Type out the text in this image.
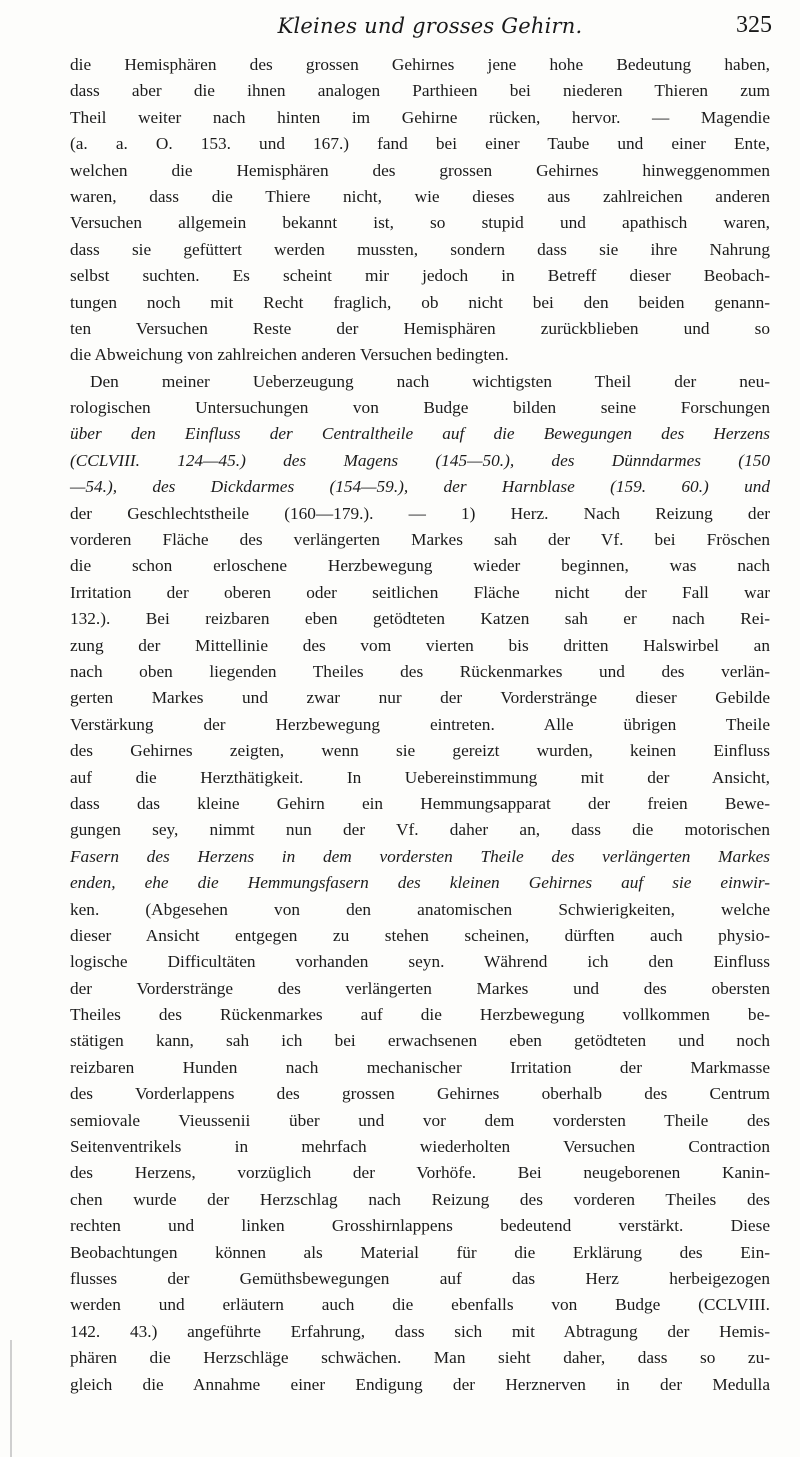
Kleines und grosses Gehirn.	325
die Hemisphären des grossen Gehirnes jene hohe Bedeutung haben,
dass aber die ihnen analogen Parthieen bei niederen Thieren zum
Theil weiter nach hinten im Gehirne rücken, hervor. — Magendie
(a. a. O. 153. und 167.) fand bei einer Taube und einer Ente,
welchen die Hemisphären des grossen Gehirnes hinweggenommen
waren, dass die Thiere nicht, wie dieses aus zahlreichen anderen
Versuchen allgemein bekannt ist, so stupid und apathisch waren,
dass sie gefüttert werden mussten, sondern dass sie ihre Nahrung
selbst suchten. Es scheint mir jedoch in Betreff dieser Beobach-
tungen noch mit Recht fraglich, ob nicht bei den beiden genann-
ten Versuchen Reste der Hemisphären zurückblieben und so
die Abweichung von zahlreichen anderen Versuchen bedingten.
Den meiner Ueberzeugung nach wichtigsten Theil der neu-
rologischen Untersuchungen von Budge bilden seine Forschungen
über den Einfluss der Centraltheile auf die Bewegungen des Herzens
(CCLVIII. 124—45.) des Magens (145—50.), des Dünndarmes (150
—54.), des Dickdarmes (154—59.), der Harnblase (159. 60.) und
der Geschlechtstheile (160—179.). — 1) Herz. Nach Reizung der
vorderen Fläche des verlängerten Markes sah der Vf. bei Fröschen
die schon erloschene Herzbewegung wieder beginnen, was nach
Irritation der oberen oder seitlichen Fläche nicht der Fall war
132.). Bei reizbaren eben getödteten Katzen sah er nach Rei-
zung der Mittellinie des vom vierten bis dritten Halswirbel an
nach oben liegenden Theiles des Rückenmarkes und des verlän-
gerten Markes und zwar nur der Vorderstränge dieser Gebilde
Verstärkung der Herzbewegung eintreten. Alle übrigen Theile
des Gehirnes zeigten, wenn sie gereizt wurden, keinen Einfluss
auf die Herzthätigkeit. In Uebereinstimmung mit der Ansicht,
dass das kleine Gehirn ein Hemmungsapparat der freien Bewe-
gungen sey, nimmt nun der Vf. daher an, dass die motorischen
Fasern des Herzens in dem vordersten Theile des verlängerten Markes
enden, ehe die Hemmungsfasern des kleinen Gehirnes auf sie einwir-
ken. (Abgesehen von den anatomischen Schwierigkeiten, welche
dieser Ansicht entgegen zu stehen scheinen, dürften auch physio-
logische Difficultäten vorhanden seyn. Während ich den Einfluss
der Vorderstränge des verlängerten Markes und des obersten
Theiles des Rückenmarkes auf die Herzbewegung vollkommen be-
stätigen kann, sah ich bei erwachsenen eben getödteten und noch
reizbaren Hunden nach mechanischer Irritation der Markmasse
des Vorderlappens des grossen Gehirnes oberhalb des Centrum
semiovale Vieussenii über und vor dem vordersten Theile des
Seitenventrikels in mehrfach wiederholten Versuchen Contraction
des Herzens, vorzüglich der Vorhöfe. Bei neugeborenen Kanin-
chen wurde der Herzschlag nach Reizung des vorderen Theiles des
rechten und linken Grosshirnlappens bedeutend verstärkt. Diese
Beobachtungen können als Material für die Erklärung des Ein-
flusses der Gemüthsbewegungen auf das Herz herbeigezogen
werden und erläutern auch die ebenfalls von Budge (CCLVIII.
142. 43.) angeführte Erfahrung, dass sich mit Abtragung der Hemis-
phären die Herzschläge schwächen. Man sieht daher, dass so zu-
gleich die Annahme einer Endigung der Herznerven in der Medulla
